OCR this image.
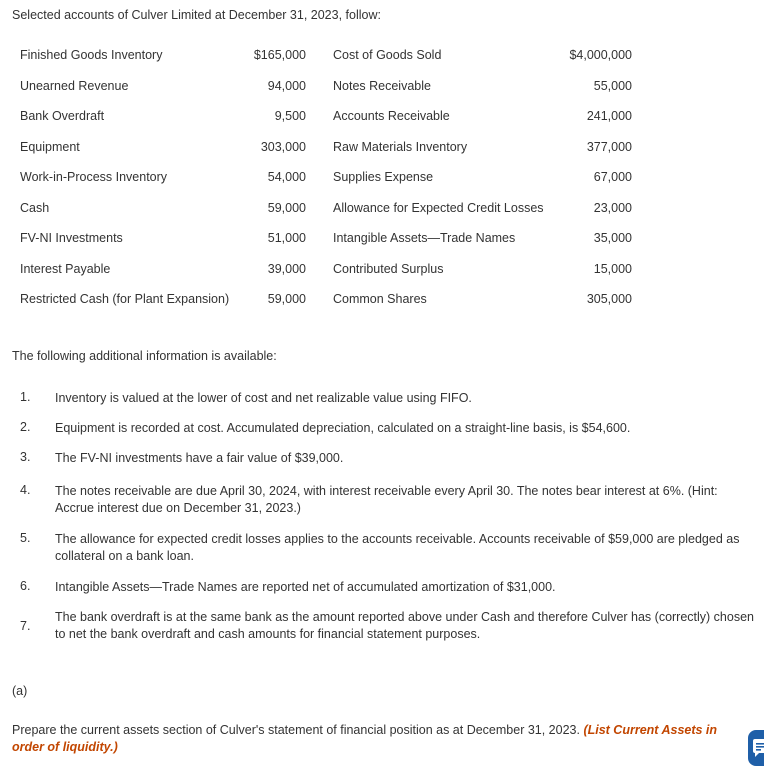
Selected accounts of Culver Limited at December 31, 2023, follow:
Finished Goods Inventory	$165,000 Cost of Goods Sold	$4,000,000
Unearned Revenue	94,000 Notes Receivable	55,000
Bank Overdraft	9,500 Accounts Receivable	241,000
Equipment	303,000 Raw Materials Inventory	377,000
Work-in-Process Inventory	54,000 Supplies Expense	67,000
Cash	59,000 Allowance for Expected Credit Losses	23,000
FV-NI Investments	51,000 Intangible Assets—Trade Names	35,000
Interest Payable	39,000 Contributed Surplus	15,000
Restricted Cash (for Plant Expansion)	59,000 Common Shares	305,000
The following additional information is available:
1. Inventory is valued at the lower of cost and net realizable value using FIFO.
2. Equipment is recorded at cost. Accumulated depreciation, calculated on a straight-line basis, is $54,600.
3. The FV-NI investments have a fair value of $39,000.
4. The notes receivable are due April 30, 2024, with interest receivable every April 30. The notes bear interest at 6%. (Hint: Accrue interest due on December 31, 2023.)
5. The allowance for expected credit losses applies to the accounts receivable. Accounts receivable of $59,000 are pledged as collateral on a bank loan.
6. Intangible Assets—Trade Names are reported net of accumulated amortization of $31,000.
7.
The bank overdraft is at the same bank as the amount reported above under Cash and therefore Culver has (correctly) chosen to net the bank overdraft and cash amounts for financial statement purposes.
(a)
Prepare the current assets section of Culver's statement of financial position as at December 31, 2023. (List Current Assets in order of liquidity.)
